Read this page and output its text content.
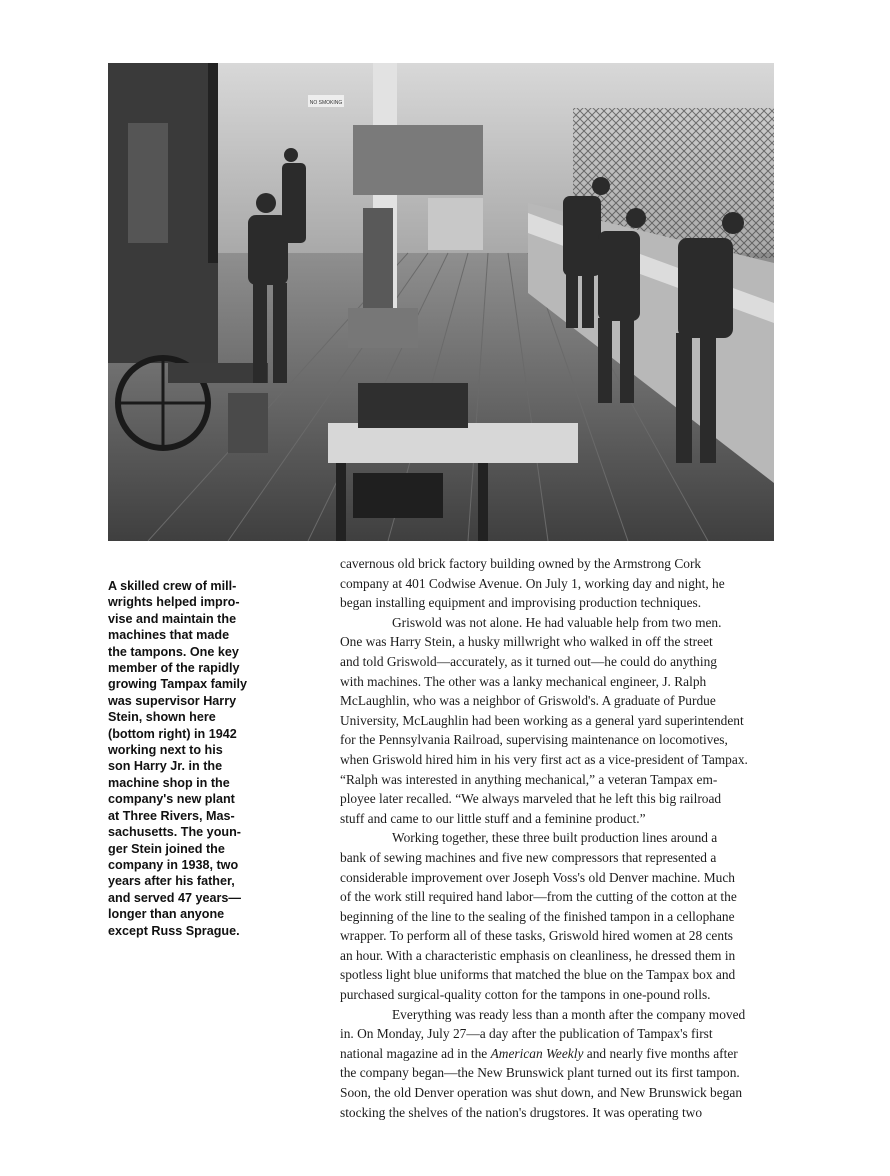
NO SMOKING
A skilled crew of mill-
wrights helped impro-
vise and maintain the
machines that made
the tampons. One key
member of the rapidly
growing Tampax family
was supervisor Harry
Stein, shown here
(bottom right) in 1942
working next to his
son Harry Jr. in the
machine shop in the
company's new plant
at Three Rivers, Mas-
sachusetts. The youn-
ger Stein joined the
company in 1938, two
years after his father,
and served 47 years—
longer than anyone
except Russ Sprague.
cavernous old brick factory building owned by the Armstrong Cork
company at 401 Codwise Avenue. On July 1, working day and night, he
began installing equipment and improvising production techniques.
Griswold was not alone. He had valuable help from two men.
One was Harry Stein, a husky millwright who walked in off the street
and told Griswold—accurately, as it turned out—he could do anything
with machines. The other was a lanky mechanical engineer, J. Ralph
McLaughlin, who was a neighbor of Griswold's. A graduate of Purdue
University, McLaughlin had been working as a general yard superintendent
for the Pennsylvania Railroad, supervising maintenance on locomotives,
when Griswold hired him in his very first act as a vice-president of Tampax.
“Ralph was interested in anything mechanical,” a veteran Tampax em-
ployee later recalled. “We always marveled that he left this big railroad
stuff and came to our little stuff and a feminine product.”
Working together, these three built production lines around a
bank of sewing machines and five new compressors that represented a
considerable improvement over Joseph Voss's old Denver machine. Much
of the work still required hand labor—from the cutting of the cotton at the
beginning of the line to the sealing of the finished tampon in a cellophane
wrapper. To perform all of these tasks, Griswold hired women at 28 cents
an hour. With a characteristic emphasis on cleanliness, he dressed them in
spotless light blue uniforms that matched the blue on the Tampax box and
purchased surgical-quality cotton for the tampons in one-pound rolls.
Everything was ready less than a month after the company moved
in. On Monday, July 27—a day after the publication of Tampax's first
national magazine ad in the American Weekly and nearly five months after
the company began—the New Brunswick plant turned out its first tampon.
Soon, the old Denver operation was shut down, and New Brunswick began
stocking the shelves of the nation's drugstores. It was operating two
